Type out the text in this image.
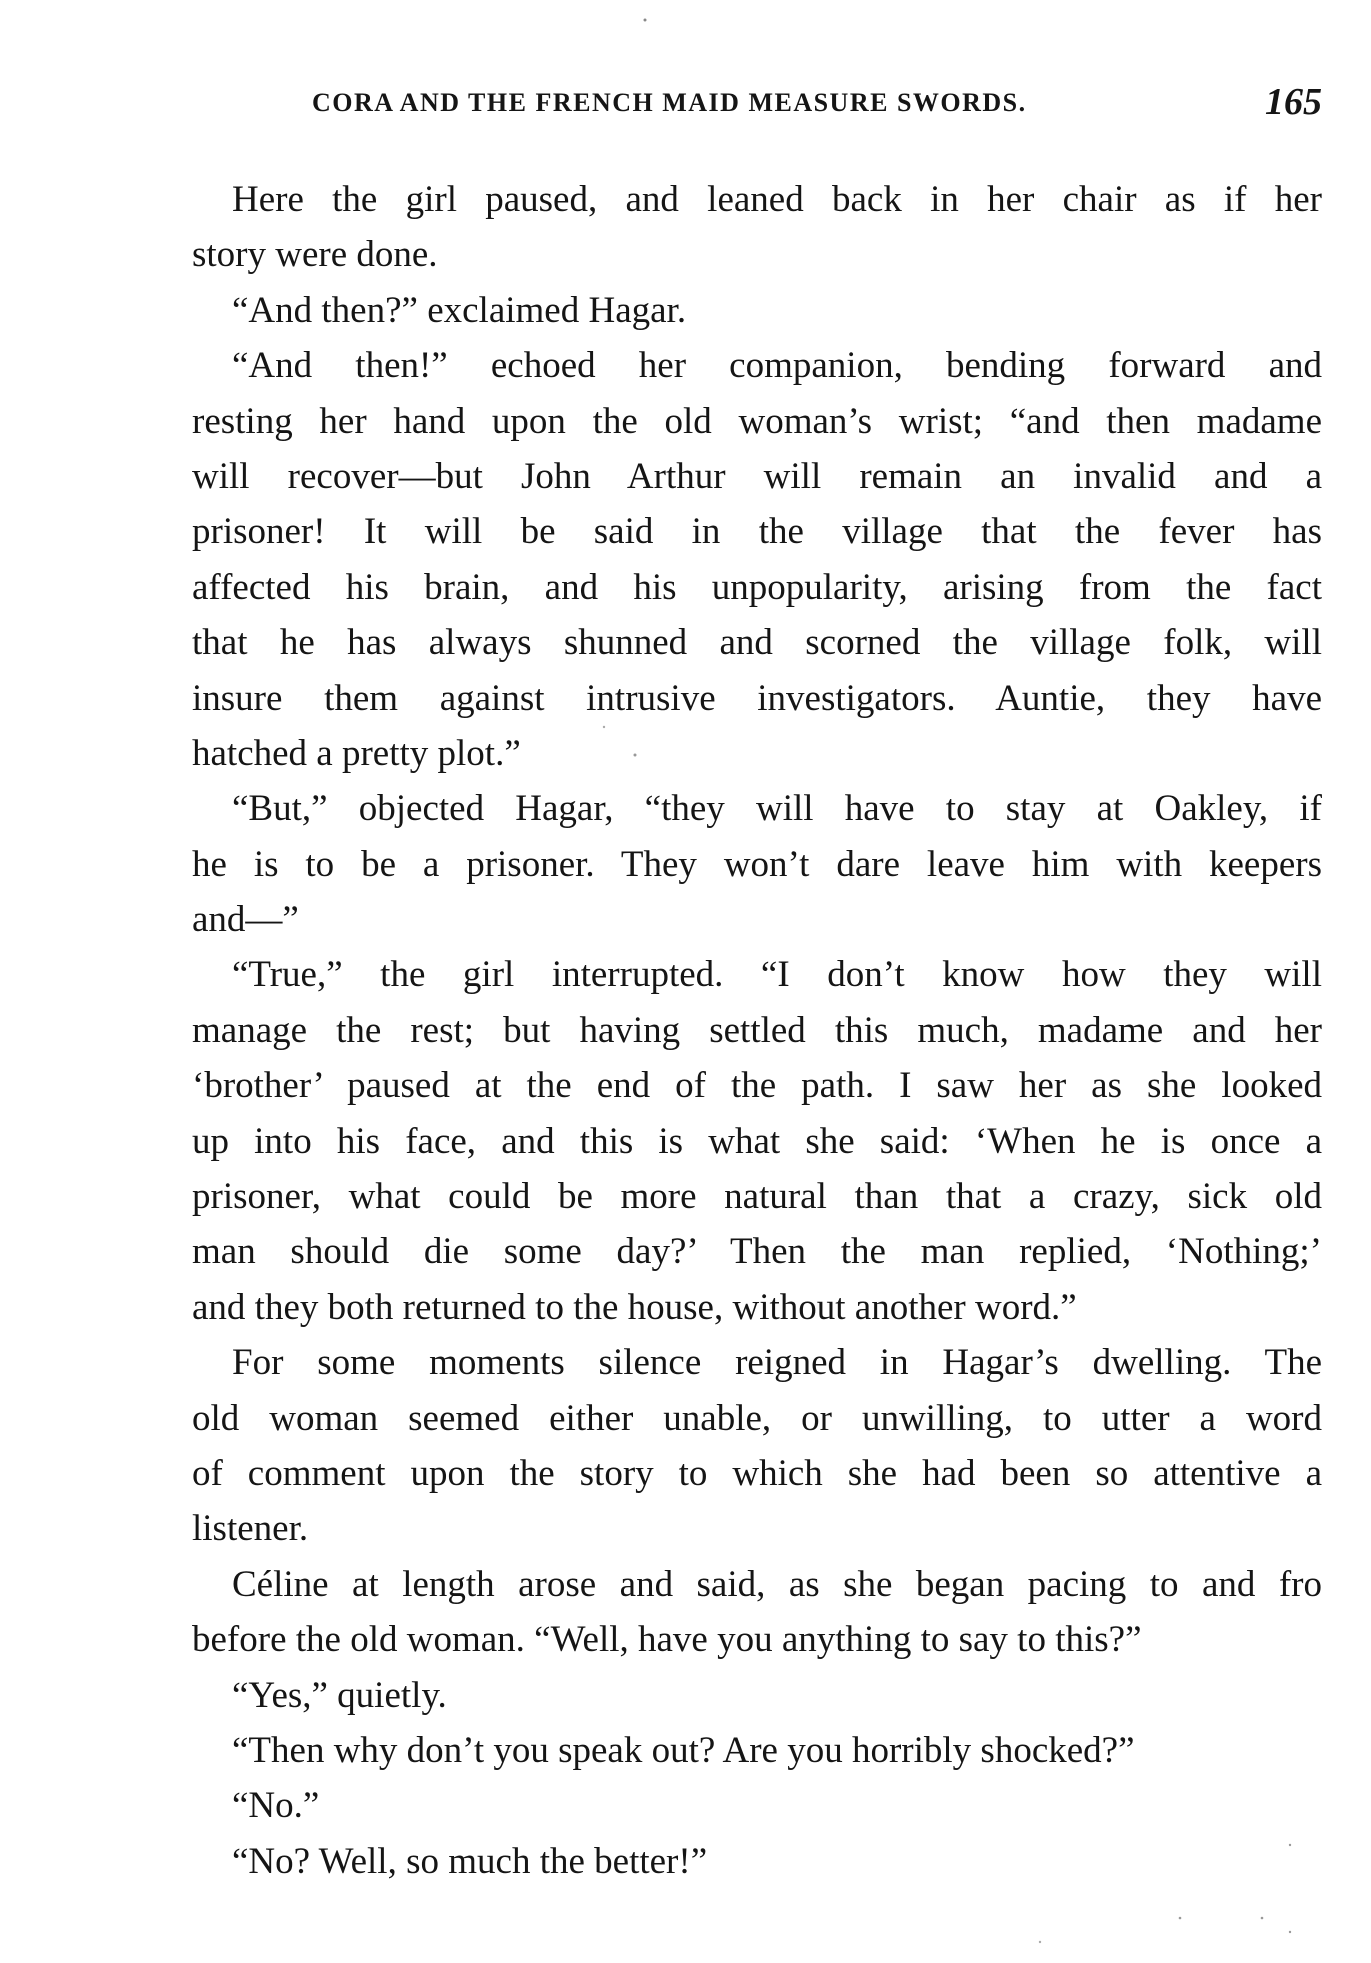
CORA AND THE FRENCH MAID MEASURE SWORDS.	165
Here the girl paused, and leaned back in her chair as if her
story were done.
“And then?” exclaimed Hagar.
“And then!” echoed her companion, bending forward and
resting her hand upon the old woman’s wrist; “and then madame
will recover—but John Arthur will remain an invalid and a
prisoner! It will be said in the village that the fever has
affected his brain, and his unpopularity, arising from the fact
that he has always shunned and scorned the village folk, will
insure them against intrusive investigators. Auntie, they have
hatched a pretty plot.”
“But,” objected Hagar, “they will have to stay at Oakley, if
he is to be a prisoner. They won’t dare leave him with keepers
and—”
“True,” the girl interrupted. “I don’t know how they will
manage the rest; but having settled this much, madame and her
‘brother’ paused at the end of the path. I saw her as she looked
up into his face, and this is what she said: ‘When he is once a
prisoner, what could be more natural than that a crazy, sick old
man should die some day?’ Then the man replied, ‘Nothing;’
and they both returned to the house, without another word.”
For some moments silence reigned in Hagar’s dwelling. The
old woman seemed either unable, or unwilling, to utter a word
of comment upon the story to which she had been so attentive a
listener.
Céline at length arose and said, as she began pacing to and fro
before the old woman. “Well, have you anything to say to this?”
“Yes,” quietly.
“Then why don’t you speak out? Are you horribly shocked?”
“No.”
“No? Well, so much the better!”
